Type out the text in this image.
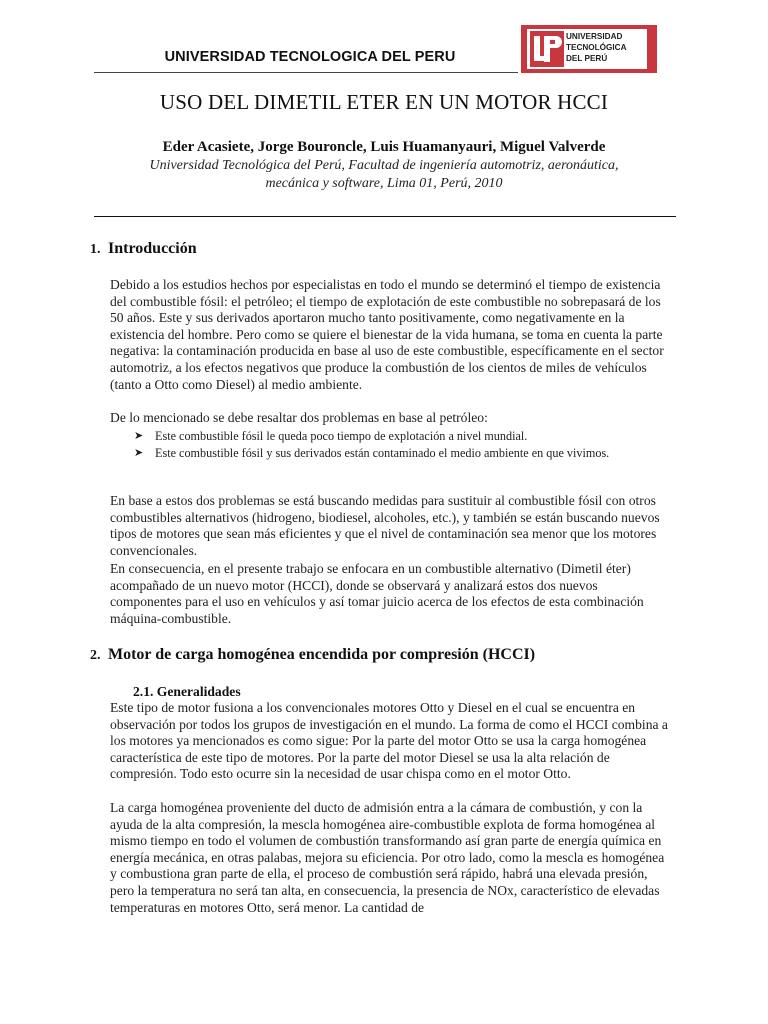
UNIVERSIDAD TECNOLOGICA DEL PERU
UNIVERSIDAD
TECNOLÓGICA
DEL PERÚ
USO DEL DIMETIL ETER EN UN MOTOR HCCI
Eder Acasiete, Jorge Bouroncle, Luis Huamanyauri, Miguel Valverde
Universidad Tecnológica del Perú, Facultad de ingeniería automotriz, aeronáutica,
mecánica y software, Lima 01, Perú, 2010
1. Introducción
Debido a los estudios hechos por especialistas en todo el mundo se determinó el tiempo de existencia del combustible fósil: el petróleo; el tiempo de explotación de este combustible no sobrepasará de los 50 años. Este y sus derivados aportaron mucho tanto positivamente, como negativamente en la existencia del hombre. Pero como se quiere el bienestar de la vida humana, se toma en cuenta la parte negativa: la contaminación producida en base al uso de este combustible, específicamente en el sector automotriz, a los efectos negativos que produce la combustión de los cientos de miles de vehículos (tanto a Otto como Diesel) al medio ambiente.
De lo mencionado se debe resaltar dos problemas en base al petróleo:
➤ Este combustible fósil le queda poco tiempo de explotación a nivel mundial.
➤ Este combustible fósil y sus derivados están contaminado el medio ambiente en que vivimos.
En base a estos dos problemas se está buscando medidas para sustituir al combustible fósil con otros combustibles alternativos (hidrogeno, biodiesel, alcoholes, etc.), y también se están buscando nuevos tipos de motores que sean más eficientes y que el nivel de contaminación sea menor que los motores convencionales.
En consecuencia, en el presente trabajo se enfocara en un combustible alternativo (Dimetil éter) acompañado de un nuevo motor (HCCI), donde se observará y analizará estos dos nuevos componentes para el uso en vehículos y así tomar juicio acerca de los efectos de esta combinación máquina-combustible.
2. Motor de carga homogénea encendida por compresión (HCCI)
2.1. Generalidades
Este tipo de motor fusiona a los convencionales motores Otto y Diesel en el cual se encuentra en observación por todos los grupos de investigación en el mundo. La forma de como el HCCI combina a los motores ya mencionados es como sigue: Por la parte del motor Otto se usa la carga homogénea característica de este tipo de motores. Por la parte del motor Diesel se usa la alta relación de compresión. Todo esto ocurre sin la necesidad de usar chispa como en el motor Otto.
La carga homogénea proveniente del ducto de admisión entra a la cámara de combustión, y con la ayuda de la alta compresión, la mescla homogénea aire-combustible explota de forma homogénea al mismo tiempo en todo el volumen de combustión transformando así gran parte de energía química en energía mecánica, en otras palabas, mejora su eficiencia. Por otro lado, como la mescla es homogénea y combustiona gran parte de ella, el proceso de combustión será rápido, habrá una elevada presión, pero la temperatura no será tan alta, en consecuencia, la presencia de NOx, característico de elevadas temperaturas en motores Otto, será menor. La cantidad de
